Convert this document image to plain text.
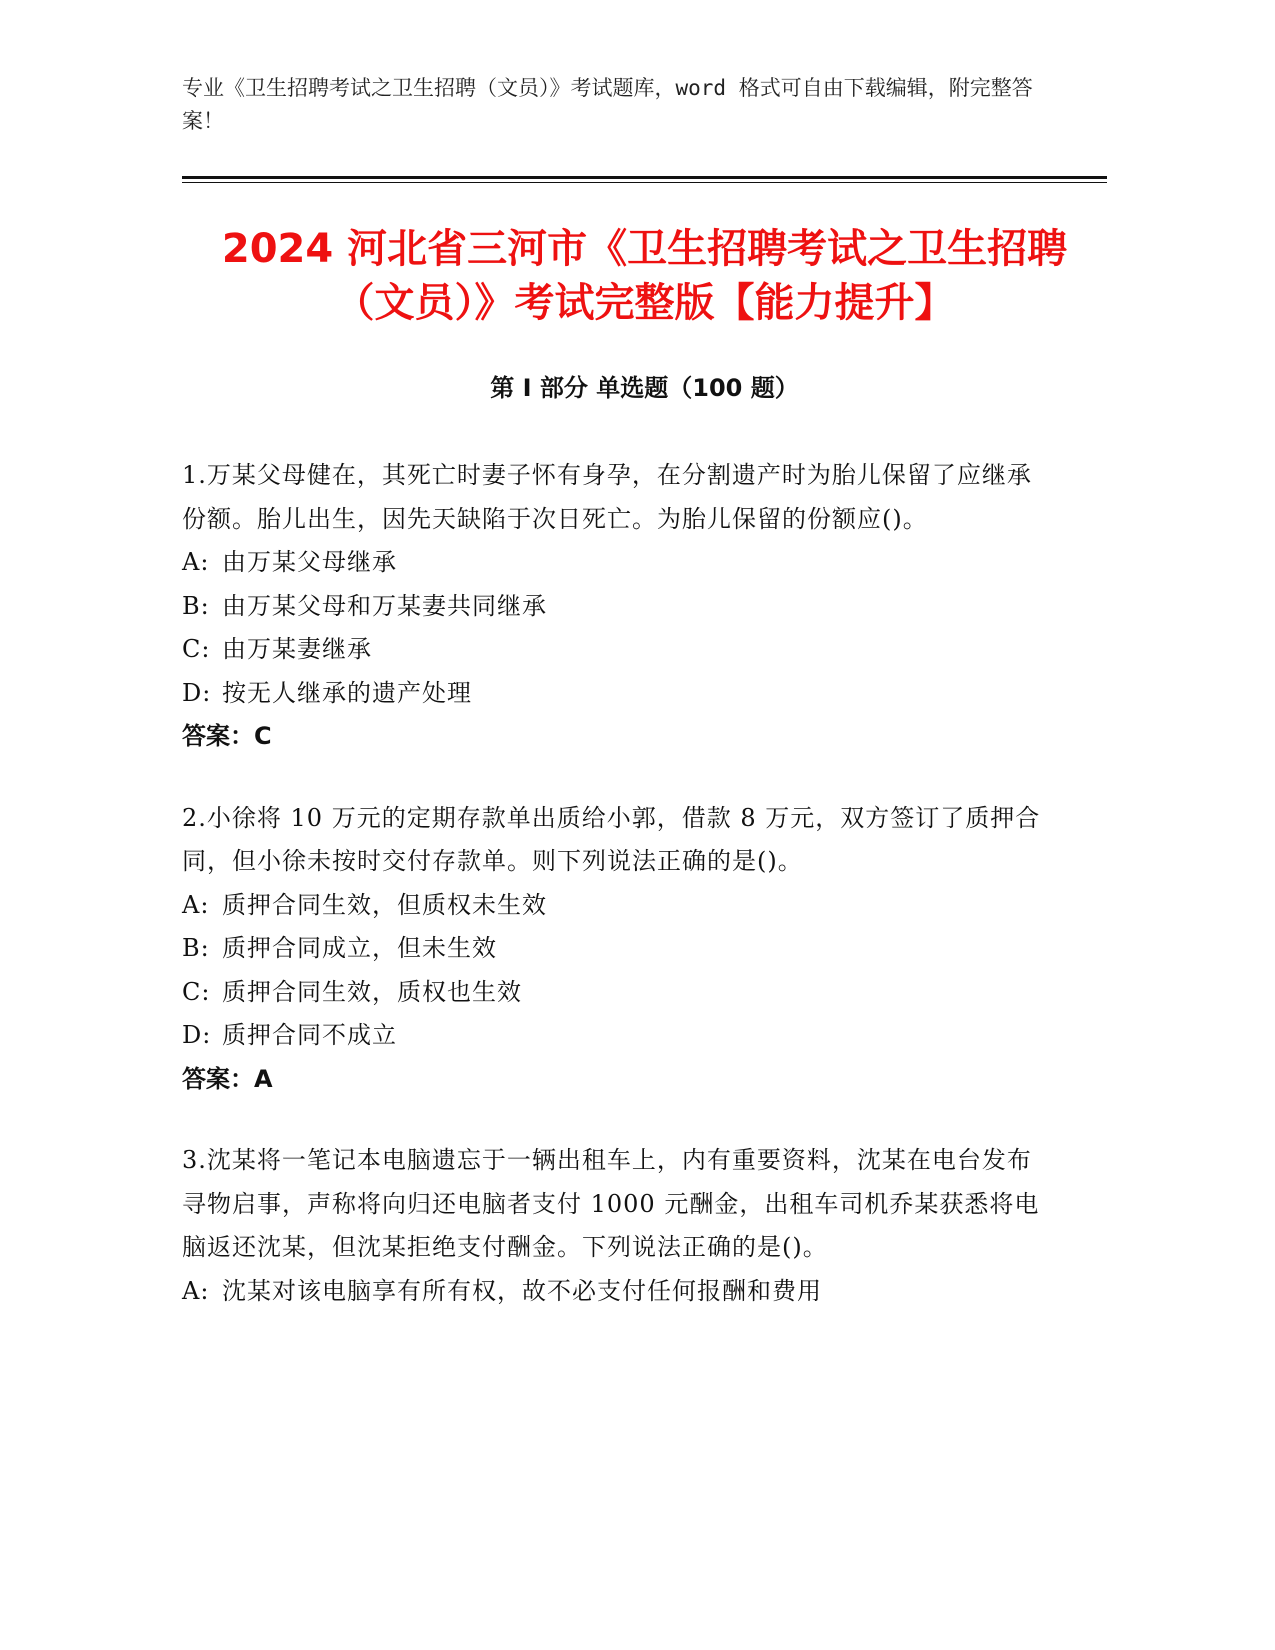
专业《卫生招聘考试之卫生招聘（文员）》考试题库，word 格式可自由下载编辑，附完整答案！
2024 河北省三河市《卫生招聘考试之卫生招聘（文员）》考试完整版【能力提升】
第 I 部分 单选题（100 题）
1.万某父母健在，其死亡时妻子怀有身孕，在分割遗产时为胎儿保留了应继承份额。胎儿出生，因先天缺陷于次日死亡。为胎儿保留的份额应()。
A: 由万某父母继承
B: 由万某父母和万某妻共同继承
C: 由万某妻继承
D: 按无人继承的遗产处理
答案：C
2.小徐将 10 万元的定期存款单出质给小郭，借款 8 万元，双方签订了质押合同，但小徐未按时交付存款单。则下列说法正确的是()。
A: 质押合同生效，但质权未生效
B: 质押合同成立，但未生效
C: 质押合同生效，质权也生效
D: 质押合同不成立
答案：A
3.沈某将一笔记本电脑遗忘于一辆出租车上，内有重要资料，沈某在电台发布寻物启事，声称将向归还电脑者支付 1000 元酬金，出租车司机乔某获悉将电脑返还沈某，但沈某拒绝支付酬金。下列说法正确的是()。
A: 沈某对该电脑享有所有权，故不必支付任何报酬和费用
